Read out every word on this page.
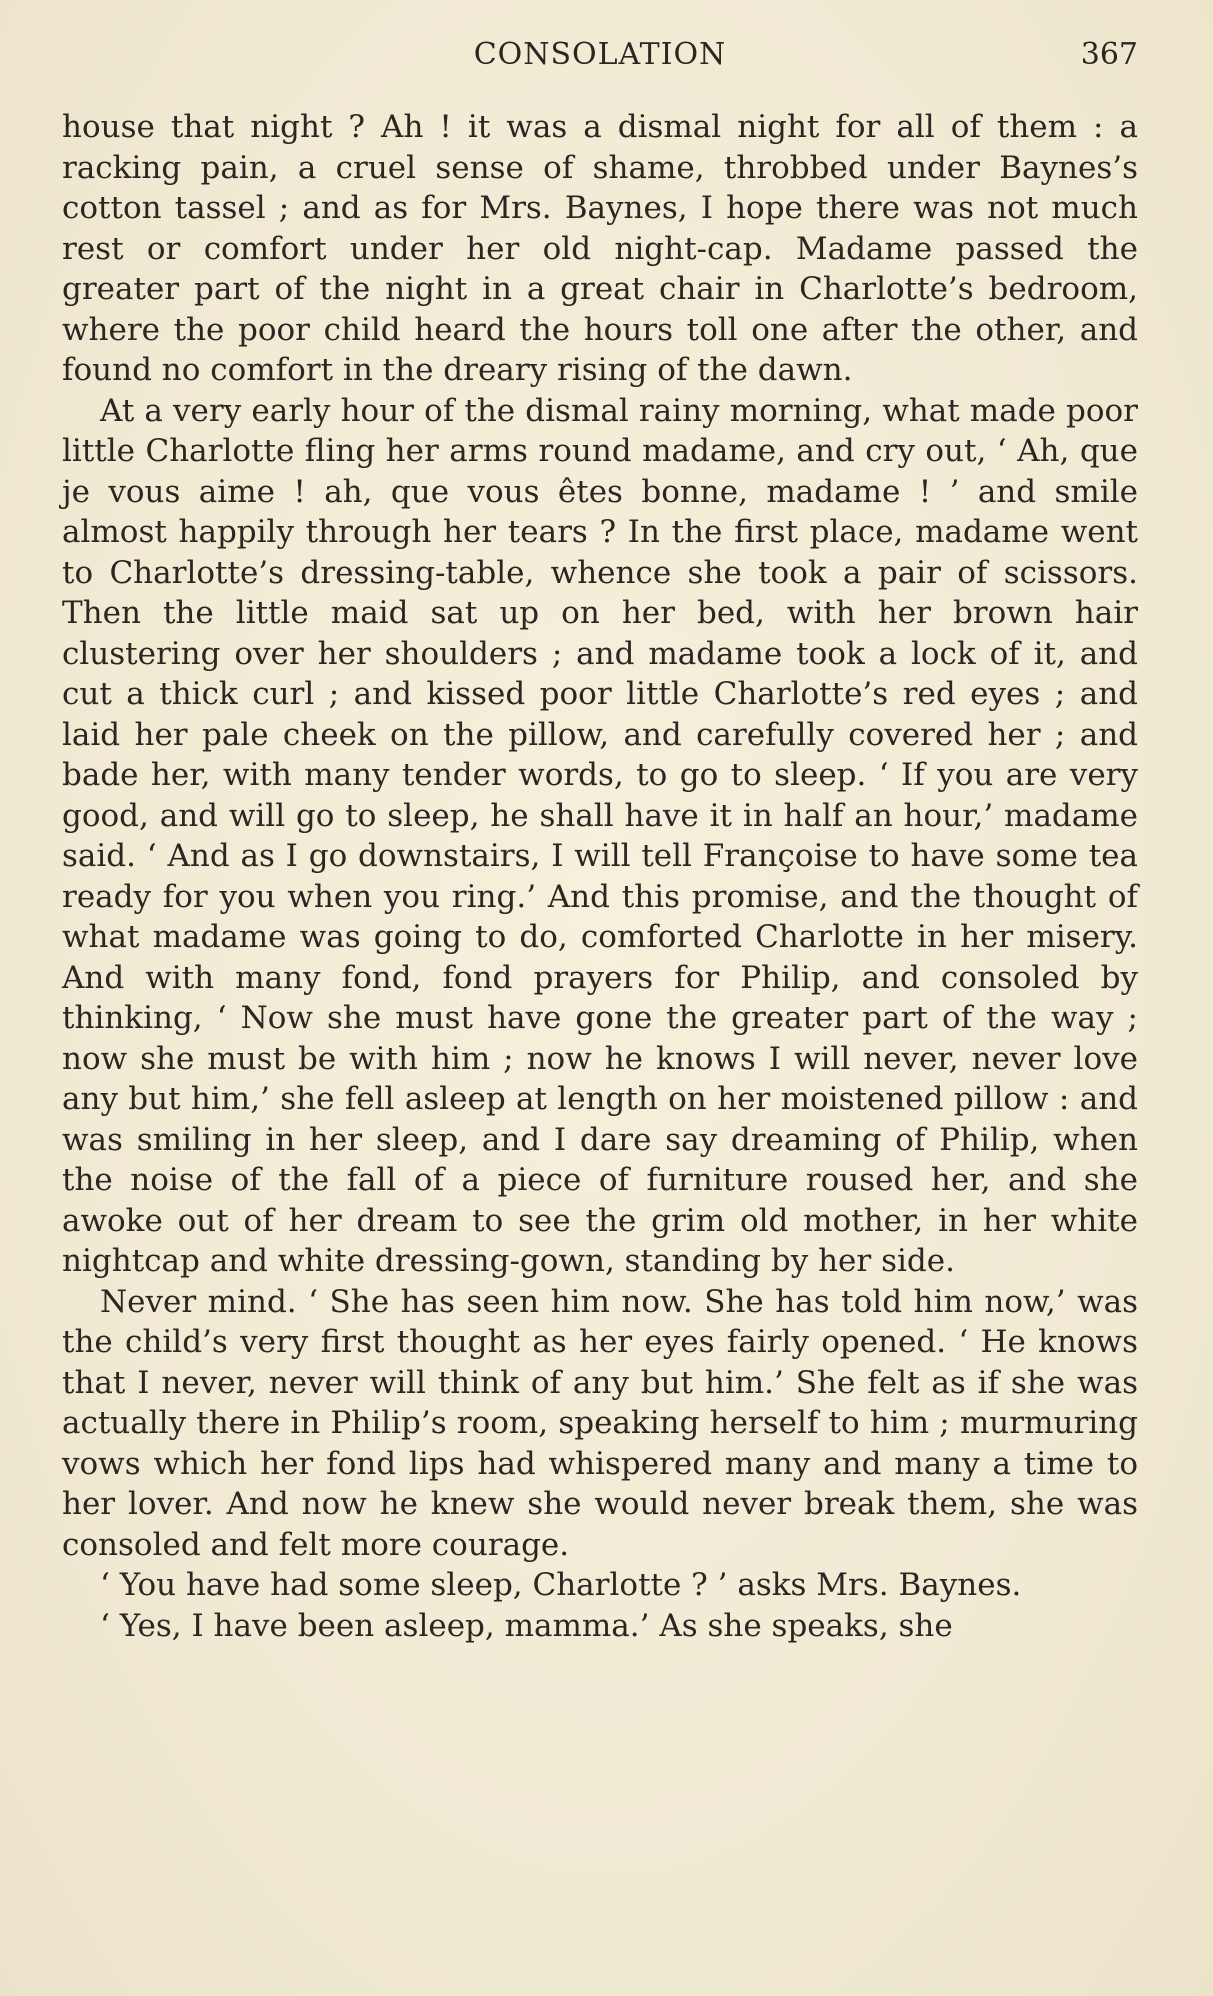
CONSOLATION	367

house that night ? Ah ! it was a dismal night for all of them : a racking pain, a cruel sense of shame, throbbed under Baynes’s cotton tassel ; and as for Mrs. Baynes, I hope there was not much rest or comfort under her old night-cap. Madame passed the greater part of the night in a great chair in Charlotte’s bedroom, where the poor child heard the hours toll one after the other, and found no comfort in the dreary rising of the dawn.

At a very early hour of the dismal rainy morning, what made poor little Charlotte fling her arms round madame, and cry out, ‘ Ah, que je vous aime ! ah, que vous êtes bonne, madame ! ’ and smile almost happily through her tears ? In the first place, madame went to Charlotte’s dressing-table, whence she took a pair of scissors. Then the little maid sat up on her bed, with her brown hair clustering over her shoulders ; and madame took a lock of it, and cut a thick curl ; and kissed poor little Charlotte’s red eyes ; and laid her pale cheek on the pillow, and carefully covered her ; and bade her, with many tender words, to go to sleep. ‘ If you are very good, and will go to sleep, he shall have it in half an hour,’ madame said. ‘ And as I go downstairs, I will tell Françoise to have some tea ready for you when you ring.’ And this promise, and the thought of what madame was going to do, comforted Charlotte in her misery. And with many fond, fond prayers for Philip, and consoled by thinking, ‘ Now she must have gone the greater part of the way ; now she must be with him ; now he knows I will never, never love any but him,’ she fell asleep at length on her moistened pillow : and was smiling in her sleep, and I dare say dreaming of Philip, when the noise of the fall of a piece of furniture roused her, and she awoke out of her dream to see the grim old mother, in her white nightcap and white dressing-gown, standing by her side.

Never mind. ‘ She has seen him now. She has told him now,’ was the child’s very first thought as her eyes fairly opened. ‘ He knows that I never, never will think of any but him.’ She felt as if she was actually there in Philip’s room, speaking herself to him ; murmuring vows which her fond lips had whispered many and many a time to her lover. And now he knew she would never break them, she was consoled and felt more courage.

‘ You have had some sleep, Charlotte ? ’ asks Mrs. Baynes.

‘ Yes, I have been asleep, mamma.’ As she speaks, she
